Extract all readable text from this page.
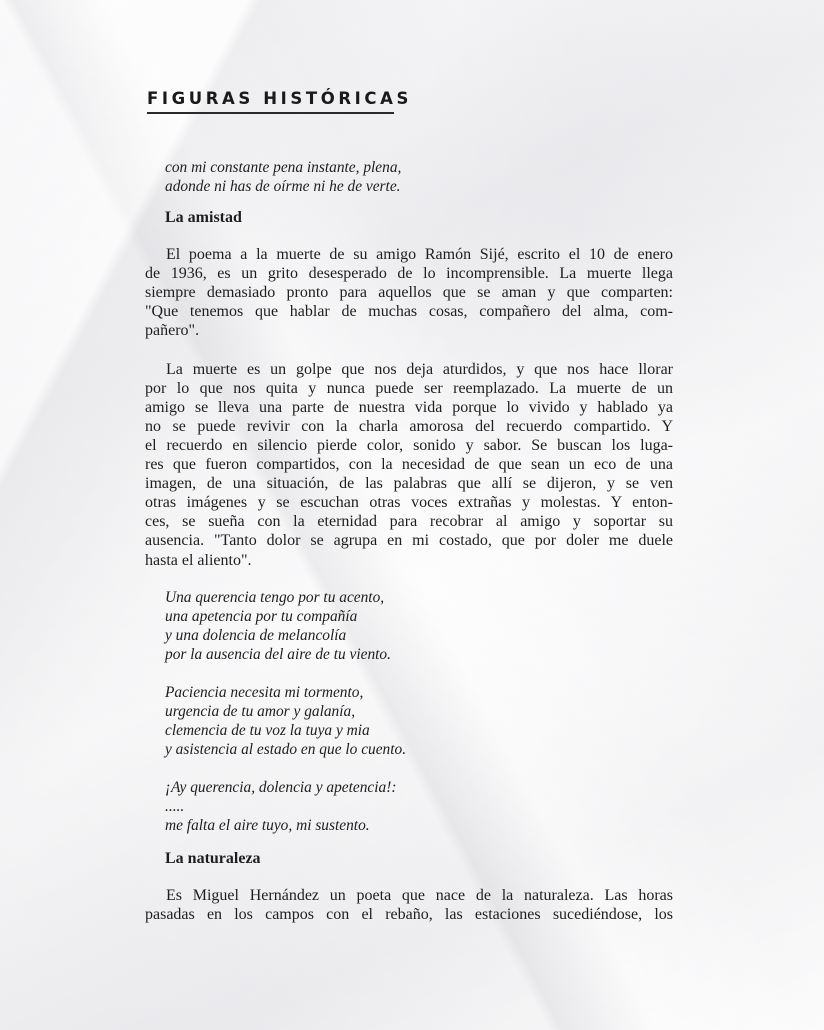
FIGURAS HISTÓRICAS
con mi constante pena instante, plena,
adonde ni has de oírme ni he de verte.
La amistad
El poema a la muerte de su amigo Ramón Sijé, escrito el 10 de enero
de 1936, es un grito desesperado de lo incomprensible. La muerte llega
siempre demasiado pronto para aquellos que se aman y que comparten:
"Que tenemos que hablar de muchas cosas, compañero del alma, com-
pañero".
La muerte es un golpe que nos deja aturdidos, y que nos hace llorar
por lo que nos quita y nunca puede ser reemplazado. La muerte de un
amigo se lleva una parte de nuestra vida porque lo vivido y hablado ya
no se puede revivir con la charla amorosa del recuerdo compartido. Y
el recuerdo en silencio pierde color, sonido y sabor. Se buscan los luga-
res que fueron compartidos, con la necesidad de que sean un eco de una
imagen, de una situación, de las palabras que allí se dijeron, y se ven
otras imágenes y se escuchan otras voces extrañas y molestas. Y enton-
ces, se sueña con la eternidad para recobrar al amigo y soportar su
ausencia. "Tanto dolor se agrupa en mi costado, que por doler me duele
hasta el aliento".
Una querencia tengo por tu acento,
una apetencia por tu compañía
y una dolencia de melancolía
por la ausencia del aire de tu viento.
Paciencia necesita mi tormento,
urgencia de tu amor y galanía,
clemencia de tu voz la tuya y mia
y asistencia al estado en que lo cuento.
¡Ay querencia, dolencia y apetencia!:
.....
me falta el aire tuyo, mi sustento.
La naturaleza
Es Miguel Hernández un poeta que nace de la naturaleza. Las horas
pasadas en los campos con el rebaño, las estaciones sucediéndose, los
